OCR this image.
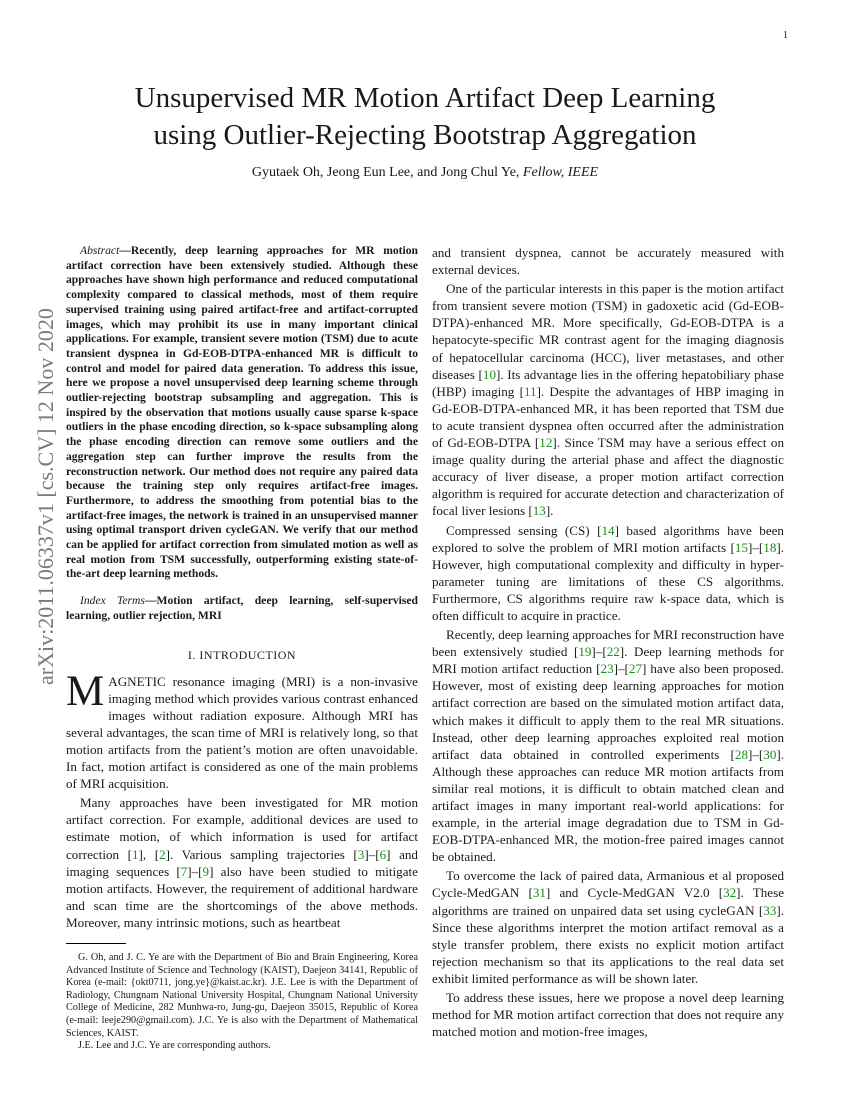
1
arXiv:2011.06337v1 [cs.CV] 12 Nov 2020
Unsupervised MR Motion Artifact Deep Learning
using Outlier-Rejecting Bootstrap Aggregation
Gyutaek Oh, Jeong Eun Lee, and Jong Chul Ye, Fellow, IEEE

Abstract—Recently, deep learning approaches for MR motion artifact correction have been extensively studied. Although these approaches have shown high performance and reduced computational complexity compared to classical methods, most of them require supervised training using paired artifact-free and artifact-corrupted images, which may prohibit its use in many important clinical applications. For example, transient severe motion (TSM) due to acute transient dyspnea in Gd-EOB-DTPA-enhanced MR is difficult to control and model for paired data generation. To address this issue, here we propose a novel unsupervised deep learning scheme through outlier-rejecting bootstrap subsampling and aggregation. This is inspired by the observation that motions usually cause sparse k-space outliers in the phase encoding direction, so k-space subsampling along the phase encoding direction can remove some outliers and the aggregation step can further improve the results from the reconstruction network. Our method does not require any paired data because the training step only requires artifact-free images. Furthermore, to address the smoothing from potential bias to the artifact-free images, the network is trained in an unsupervised manner using optimal transport driven cycleGAN. We verify that our method can be applied for artifact correction from simulated motion as well as real motion from TSM successfully, outperforming existing state-of-the-art deep learning methods.

Index Terms—Motion artifact, deep learning, self-supervised learning, outlier rejection, MRI

I. INTRODUCTION

MAGNETIC resonance imaging (MRI) is a non-invasive imaging method which provides various contrast enhanced images without radiation exposure. Although MRI has several advantages, the scan time of MRI is relatively long, so that motion artifacts from the patient’s motion are often unavoidable. In fact, motion artifact is considered as one of the main problems of MRI acquisition.

Many approaches have been investigated for MR motion artifact correction. For example, additional devices are used to estimate motion, of which information is used for artifact correction [1], [2]. Various sampling trajectories [3]–[6] and imaging sequences [7]–[9] also have been studied to mitigate motion artifacts. However, the requirement of additional hardware and scan time are the shortcomings of the above methods. Moreover, many intrinsic motions, such as heartbeat

G. Oh, and J. C. Ye are with the Department of Bio and Brain Engineering, Korea Advanced Institute of Science and Technology (KAIST), Daejeon 34141, Republic of Korea (e-mail: {okt0711, jong.ye}@kaist.ac.kr). J.E. Lee is with the Department of Radiology, Chungnam National University Hospital, Chungnam National University College of Medicine, 282 Munhwa-ro, Jung-gu, Daejeon 35015, Republic of Korea (e-mail: leeje290@gmail.com). J.C. Ye is also with the Department of Mathematical Sciences, KAIST.

J.E. Lee and J.C. Ye are corresponding authors.

and transient dyspnea, cannot be accurately measured with external devices.

One of the particular interests in this paper is the motion artifact from transient severe motion (TSM) in gadoxetic acid (Gd-EOB-DTPA)-enhanced MR. More specifically, Gd-EOB-DTPA is a hepatocyte-specific MR contrast agent for the imaging diagnosis of hepatocellular carcinoma (HCC), liver metastases, and other diseases [10]. Its advantage lies in the offering hepatobiliary phase (HBP) imaging [11]. Despite the advantages of HBP imaging in Gd-EOB-DTPA-enhanced MR, it has been reported that TSM due to acute transient dyspnea often occurred after the administration of Gd-EOB-DTPA [12]. Since TSM may have a serious effect on image quality during the arterial phase and affect the diagnostic accuracy of liver disease, a proper motion artifact correction algorithm is required for accurate detection and characterization of focal liver lesions [13].

Compressed sensing (CS) [14] based algorithms have been explored to solve the problem of MRI motion artifacts [15]–[18]. However, high computational complexity and difficulty in hyper-parameter tuning are limitations of these CS algorithms. Furthermore, CS algorithms require raw k-space data, which is often difficult to acquire in practice.

Recently, deep learning approaches for MRI reconstruction have been extensively studied [19]–[22]. Deep learning methods for MRI motion artifact reduction [23]–[27] have also been proposed. However, most of existing deep learning approaches for motion artifact correction are based on the simulated motion artifact data, which makes it difficult to apply them to the real MR situations. Instead, other deep learning approaches exploited real motion artifact data obtained in controlled experiments [28]–[30]. Although these approaches can reduce MR motion artifacts from similar real motions, it is difficult to obtain matched clean and artifact images in many important real-world applications: for example, in the arterial image degradation due to TSM in Gd-EOB-DTPA-enhanced MR, the motion-free paired images cannot be obtained.

To overcome the lack of paired data, Armanious et al proposed Cycle-MedGAN [31] and Cycle-MedGAN V2.0 [32]. These algorithms are trained on unpaired data set using cycleGAN [33]. Since these algorithms interpret the motion artifact removal as a style transfer problem, there exists no explicit motion artifact rejection mechanism so that its applications to the real data set exhibit limited performance as will be shown later.

To address these issues, here we propose a novel deep learning method for MR motion artifact correction that does not require any matched motion and motion-free images,
